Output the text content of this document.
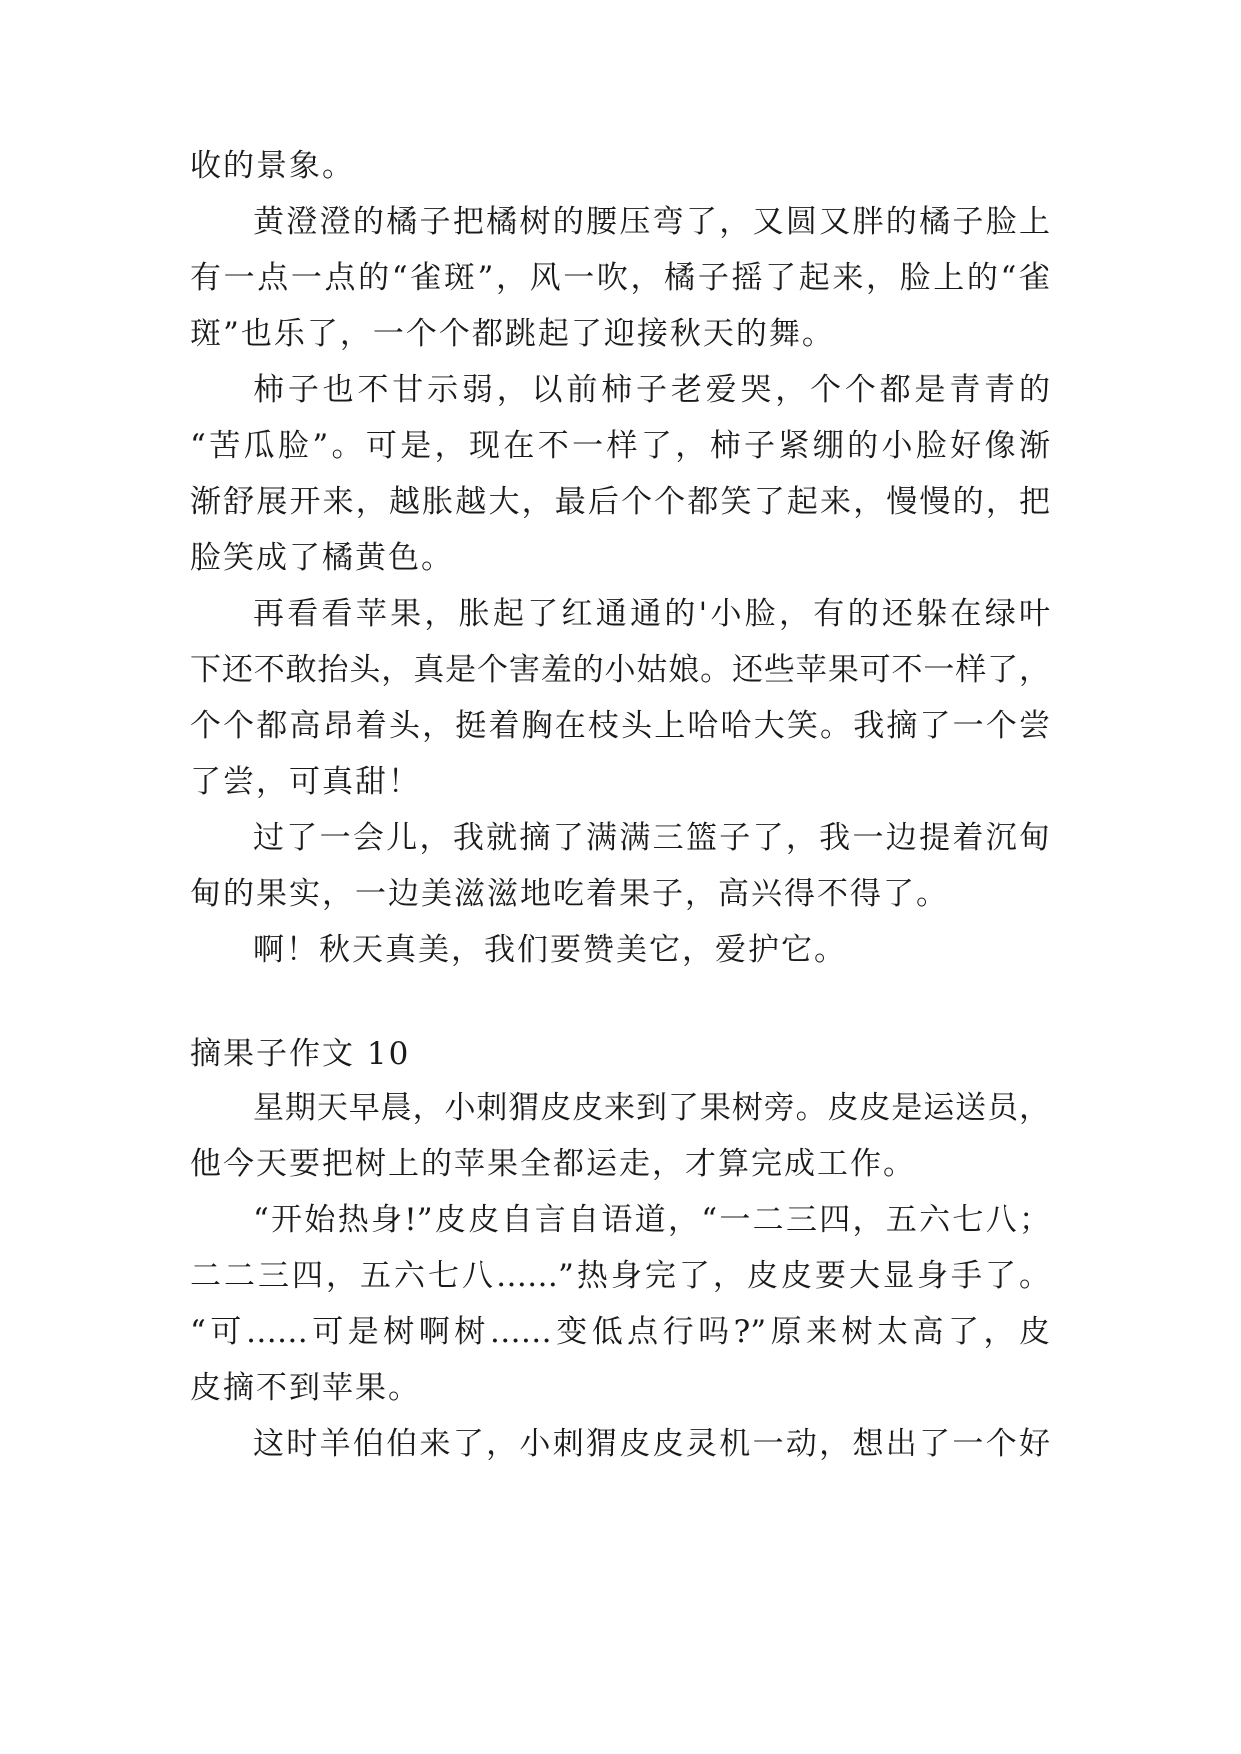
收的景象。
黄澄澄的橘子把橘树的腰压弯了，又圆又胖的橘子脸上
有一点一点的“雀斑”，风一吹，橘子摇了起来，脸上的“雀
斑”也乐了，一个个都跳起了迎接秋天的舞。
柿子也不甘示弱，以前柿子老爱哭，个个都是青青的
“苦瓜脸”。可是，现在不一样了，柿子紧绷的小脸好像渐
渐舒展开来，越胀越大，最后个个都笑了起来，慢慢的，把
脸笑成了橘黄色。
再看看苹果，胀起了红通通的'小脸，有的还躲在绿叶
下还不敢抬头，真是个害羞的小姑娘。还些苹果可不一样了，
个个都高昂着头，挺着胸在枝头上哈哈大笑。我摘了一个尝
了尝，可真甜！
过了一会儿，我就摘了满满三篮子了，我一边提着沉甸
甸的果实，一边美滋滋地吃着果子，高兴得不得了。
啊！秋天真美，我们要赞美它，爱护它。
摘果子作文 10
星期天早晨，小刺猬皮皮来到了果树旁。皮皮是运送员，
他今天要把树上的苹果全都运走，才算完成工作。
“开始热身!”皮皮自言自语道，“一二三四，五六七八；
二二三四，五六七八……”热身完了，皮皮要大显身手了。
“可……可是树啊树……变低点行吗?”原来树太高了，皮
皮摘不到苹果。
这时羊伯伯来了，小刺猬皮皮灵机一动，想出了一个好
